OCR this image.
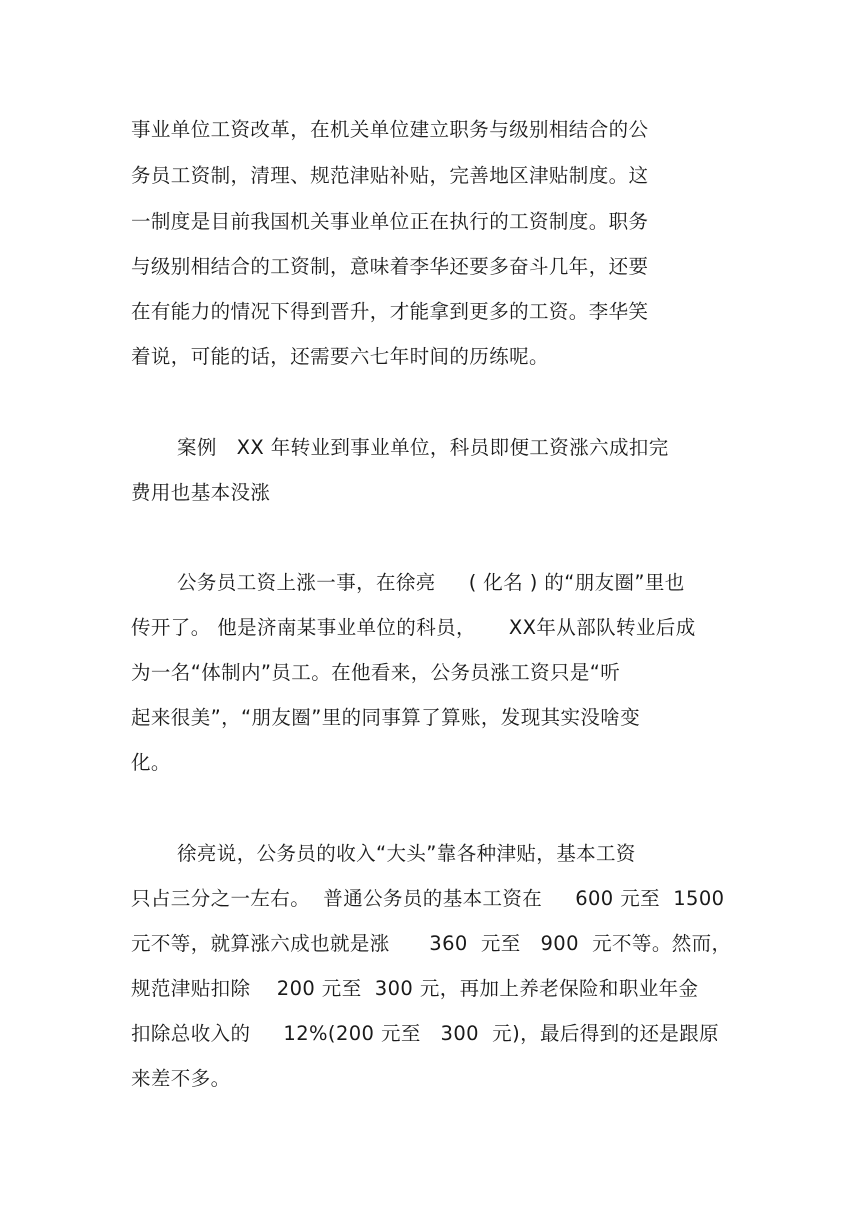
事业单位工资改革，在机关单位建立职务与级别相结合的公
务员工资制，清理、规范津贴补贴，完善地区津贴制度。这
一制度是目前我国机关事业单位正在执行的工资制度。职务
与级别相结合的工资制，意味着李华还要多奋斗几年，还要
在有能力的情况下得到晋升，才能拿到更多的工资。李华笑
着说，可能的话，还需要六七年时间的历练呢。
案例   XX 年转业到事业单位，科员即便工资涨六成扣完
费用也基本没涨
公务员工资上涨一事，在徐亮     ( 化名 ) 的“朋友圈”里也
传开了。 他是济南某事业单位的科员，     XX年从部队转业后成
为一名“体制内”员工。在他看来，公务员涨工资只是“听
起来很美”，“朋友圈”里的同事算了算账，发现其实没啥变
化。
徐亮说，公务员的收入“大头”靠各种津贴，基本工资
只占三分之一左右。  普通公务员的基本工资在     600 元至  1500
元不等，就算涨六成也就是涨      360  元至   900  元不等。然而，
规范津贴扣除    200 元至  300 元，再加上养老保险和职业年金
扣除总收入的     12%(200 元至   300  元)，最后得到的还是跟原
来差不多。
